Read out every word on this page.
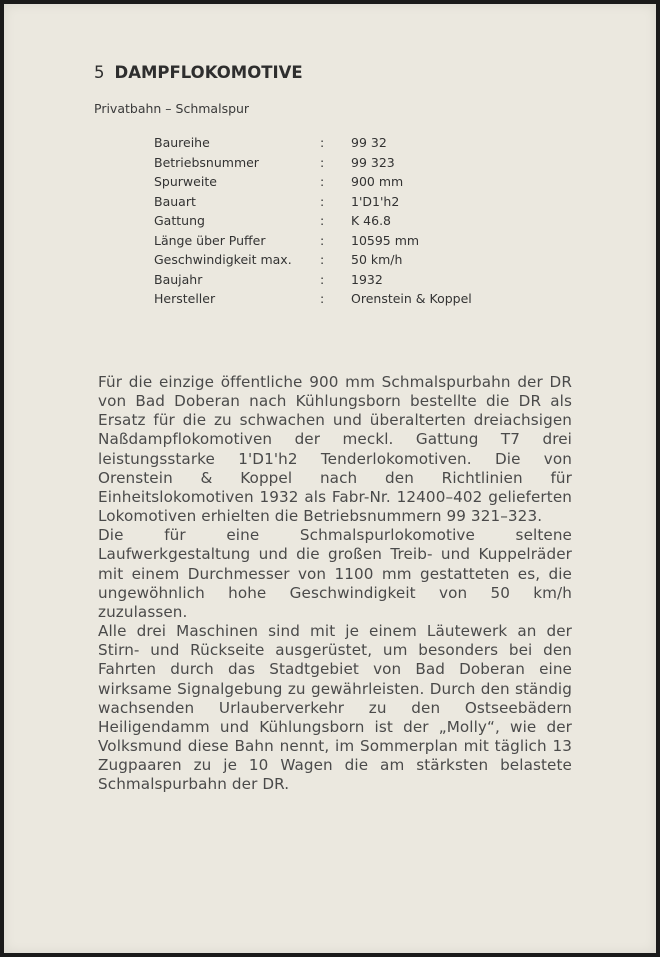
5 DAMPFLOKOMOTIVE
Privatbahn – Schmalspur
Baureihe	: 99 32
Betriebsnummer	: 99 323
Spurweite	: 900 mm
Bauart	: 1'D1'h2
Gattung	: K 46.8
Länge über Puffer	: 10595 mm
Geschwindigkeit max. : 50 km/h
Baujahr	: 1932
Hersteller	: Orenstein & Koppel

Für die einzige öffentliche 900 mm Schmalspurbahn der DR von Bad Doberan nach Kühlungsborn bestellte die DR als Ersatz für die zu schwachen und überalterten dreiachsigen Naßdampflokomotiven der meckl. Gattung T7 drei leistungsstarke 1'D1'h2 Tenderlokomotiven. Die von Orenstein & Koppel nach den Richtlinien für Einheitslokomotiven 1932 als Fabr-Nr. 12400–402 gelieferten Lokomotiven erhielten die Betriebsnummern 99 321–323.

Die für eine Schmalspurlokomotive seltene Laufwerkgestaltung und die großen Treib- und Kuppelräder mit einem Durchmesser von 1100 mm gestatteten es, die ungewöhnlich hohe Geschwindigkeit von 50 km/h zuzulassen.

Alle drei Maschinen sind mit je einem Läutewerk an der Stirn- und Rückseite ausgerüstet, um besonders bei den Fahrten durch das Stadtgebiet von Bad Doberan eine wirksame Signalgebung zu gewährleisten. Durch den ständig wachsenden Urlauberverkehr zu den Ostseebädern Heiligendamm und Kühlungsborn ist der „Molly“, wie der Volksmund diese Bahn nennt, im Sommerplan mit täglich 13 Zugpaaren zu je 10 Wagen die am stärksten belastete Schmalspurbahn der DR.
